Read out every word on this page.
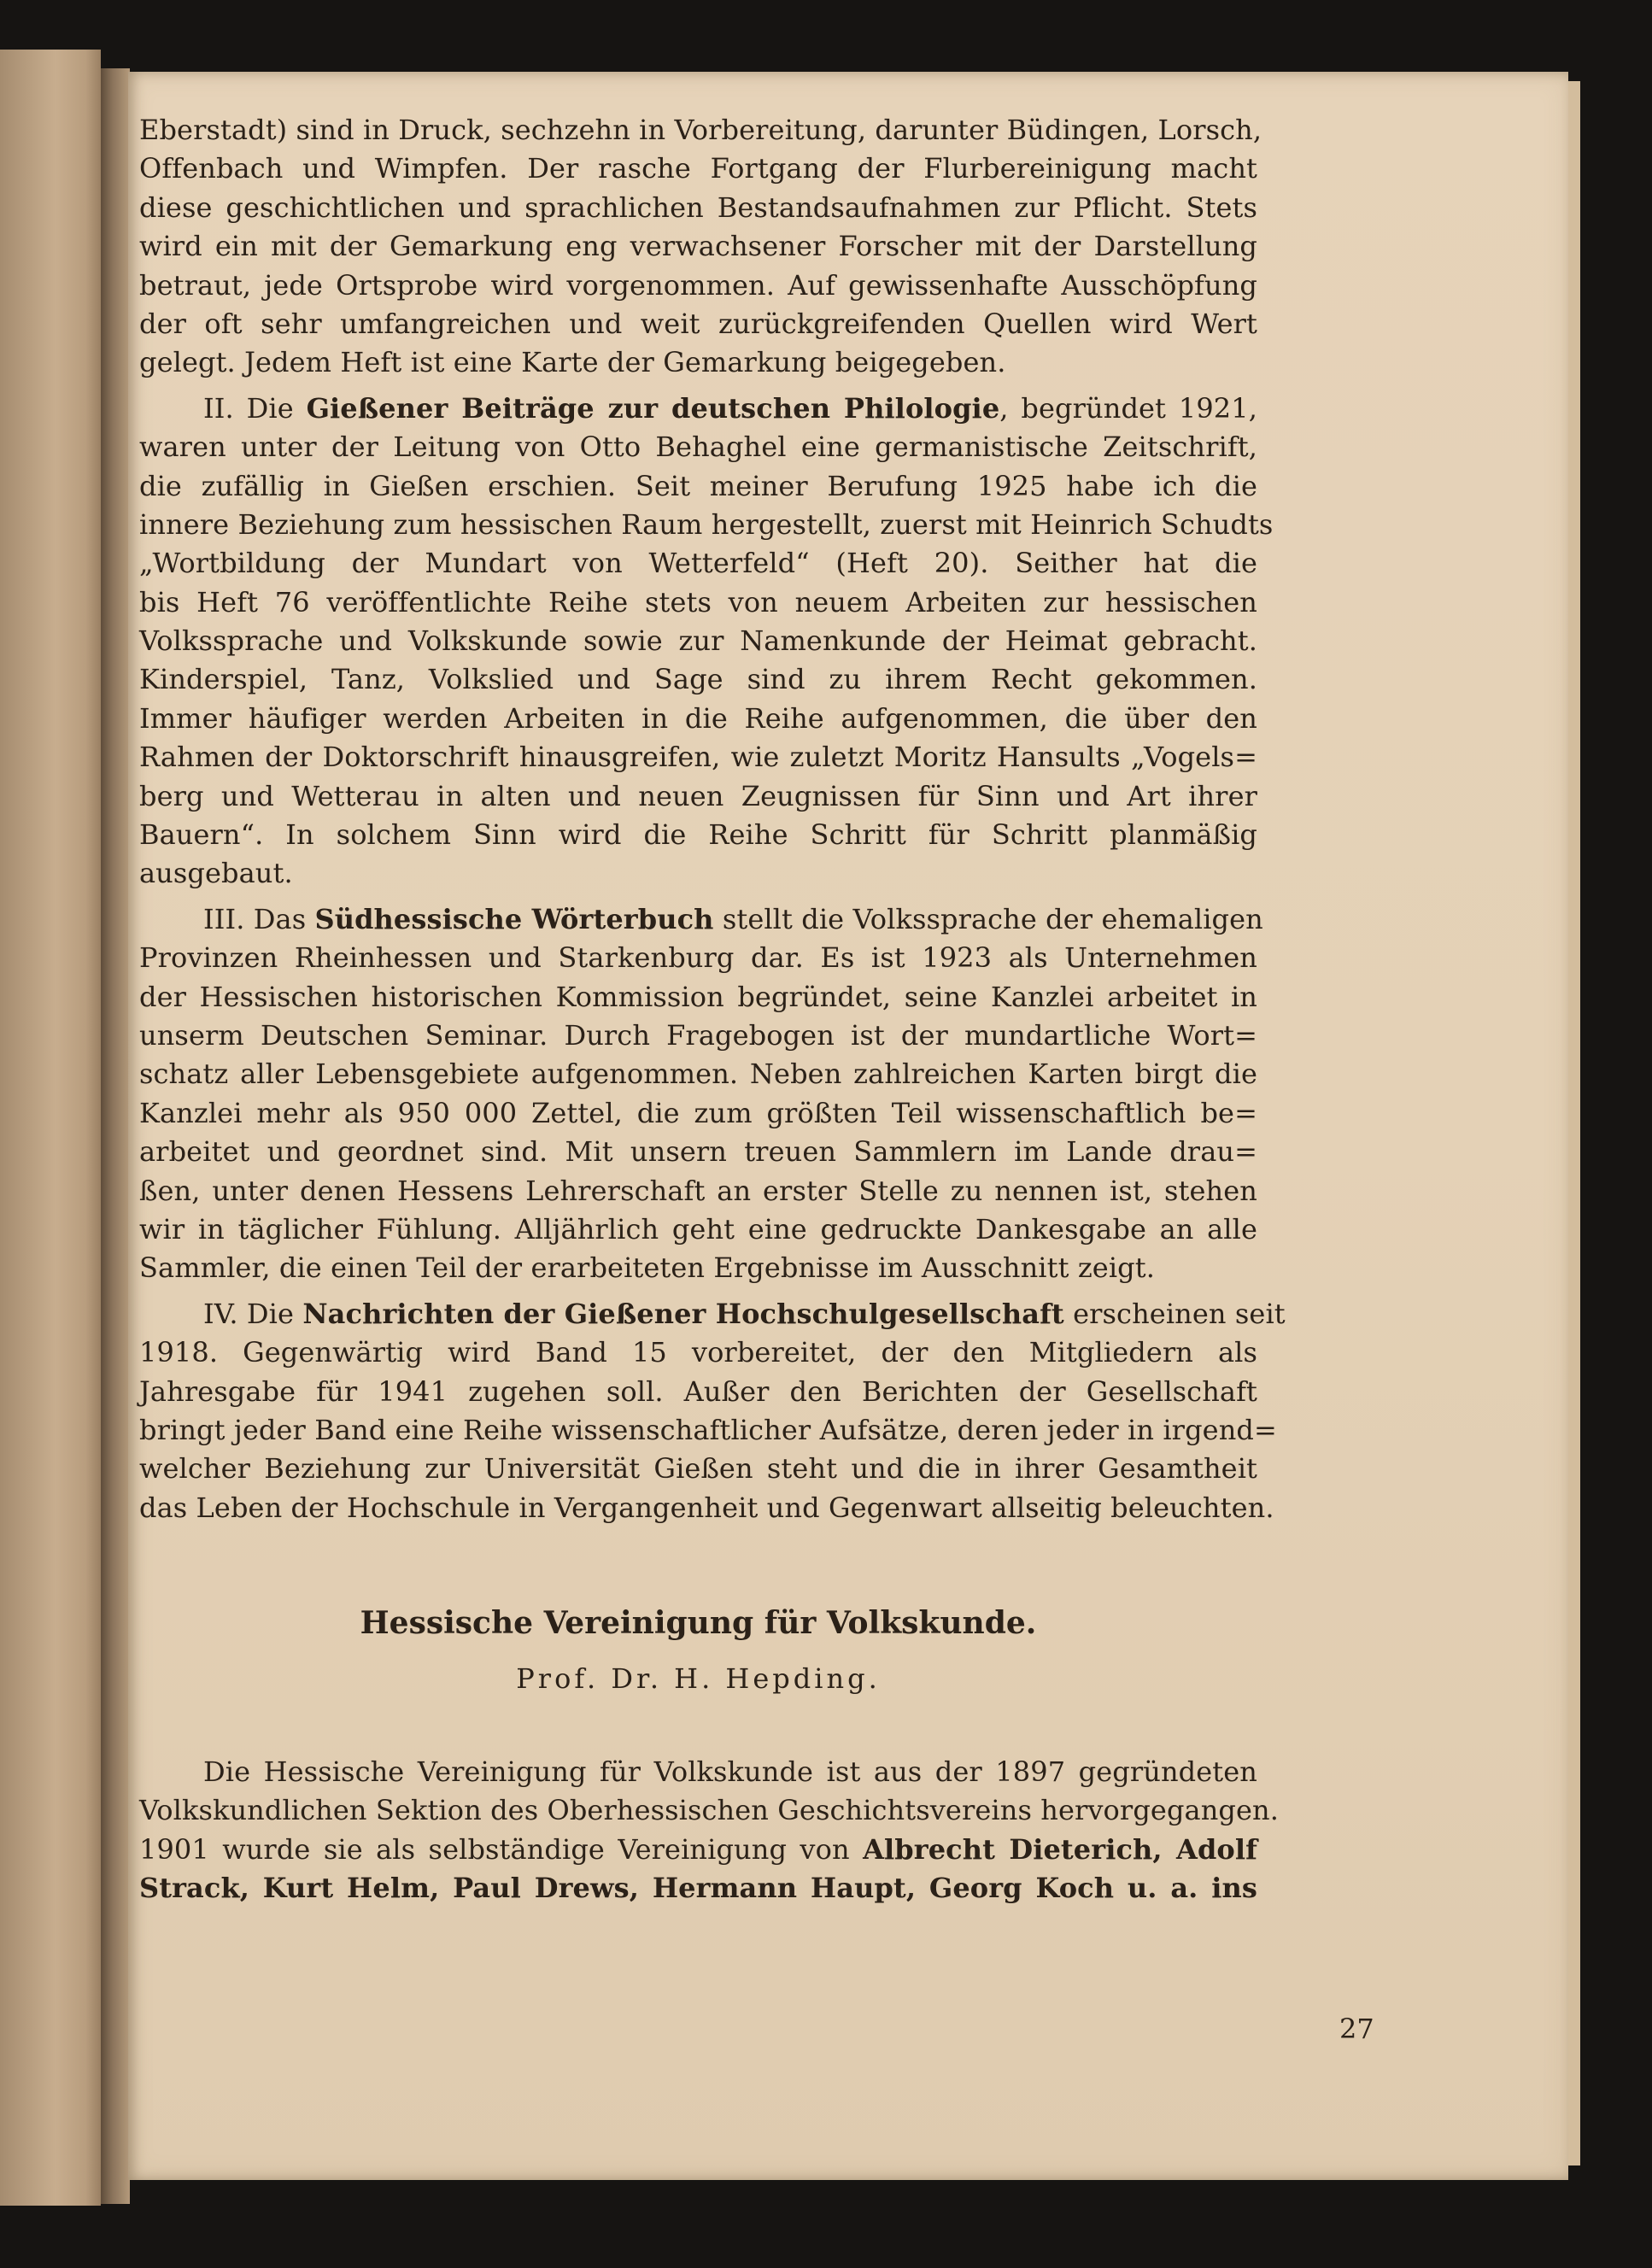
Eberstadt) sind in Druck, sechzehn in Vorbereitung, darunter Büdingen, Lorsch,
Offenbach und Wimpfen. Der rasche Fortgang der Flurbereinigung macht
diese geschichtlichen und sprachlichen Bestandsaufnahmen zur Pflicht. Stets
wird ein mit der Gemarkung eng verwachsener Forscher mit der Darstellung
betraut, jede Ortsprobe wird vorgenommen. Auf gewissenhafte Ausschöpfung
der oft sehr umfangreichen und weit zurückgreifenden Quellen wird Wert
gelegt. Jedem Heft ist eine Karte der Gemarkung beigegeben.
II. Die Gießener Beiträge zur deutschen Philologie, begründet 1921,
waren unter der Leitung von Otto Behaghel eine germanistische Zeitschrift,
die zufällig in Gießen erschien. Seit meiner Berufung 1925 habe ich die
innere Beziehung zum hessischen Raum hergestellt, zuerst mit Heinrich Schudts
„Wortbildung der Mundart von Wetterfeld“ (Heft 20). Seither hat die
bis Heft 76 veröffentlichte Reihe stets von neuem Arbeiten zur hessischen
Volkssprache und Volkskunde sowie zur Namenkunde der Heimat gebracht.
Kinderspiel, Tanz, Volkslied und Sage sind zu ihrem Recht gekommen.
Immer häufiger werden Arbeiten in die Reihe aufgenommen, die über den
Rahmen der Doktorschrift hinausgreifen, wie zuletzt Moritz Hansults „Vogels=
berg und Wetterau in alten und neuen Zeugnissen für Sinn und Art ihrer
Bauern“. In solchem Sinn wird die Reihe Schritt für Schritt planmäßig
ausgebaut.
III. Das Südhessische Wörterbuch stellt die Volkssprache der ehemaligen
Provinzen Rheinhessen und Starkenburg dar. Es ist 1923 als Unternehmen
der Hessischen historischen Kommission begründet, seine Kanzlei arbeitet in
unserm Deutschen Seminar. Durch Fragebogen ist der mundartliche Wort=
schatz aller Lebensgebiete aufgenommen. Neben zahlreichen Karten birgt die
Kanzlei mehr als 950 000 Zettel, die zum größten Teil wissenschaftlich be=
arbeitet und geordnet sind. Mit unsern treuen Sammlern im Lande drau=
ßen, unter denen Hessens Lehrerschaft an erster Stelle zu nennen ist, stehen
wir in täglicher Fühlung. Alljährlich geht eine gedruckte Dankesgabe an alle
Sammler, die einen Teil der erarbeiteten Ergebnisse im Ausschnitt zeigt.
IV. Die Nachrichten der Gießener Hochschulgesellschaft erscheinen seit
1918. Gegenwärtig wird Band 15 vorbereitet, der den Mitgliedern als
Jahresgabe für 1941 zugehen soll. Außer den Berichten der Gesellschaft
bringt jeder Band eine Reihe wissenschaftlicher Aufsätze, deren jeder in irgend=
welcher Beziehung zur Universität Gießen steht und die in ihrer Gesamtheit
das Leben der Hochschule in Vergangenheit und Gegenwart allseitig beleuchten.
Hessische Vereinigung für Volkskunde.
Prof. Dr. H. Hepding.
Die Hessische Vereinigung für Volkskunde ist aus der 1897 gegründeten
Volkskundlichen Sektion des Oberhessischen Geschichtsvereins hervorgegangen.
1901 wurde sie als selbständige Vereinigung von Albrecht Dieterich, Adolf
Strack, Kurt Helm, Paul Drews, Hermann Haupt, Georg Koch u. a. ins
27
